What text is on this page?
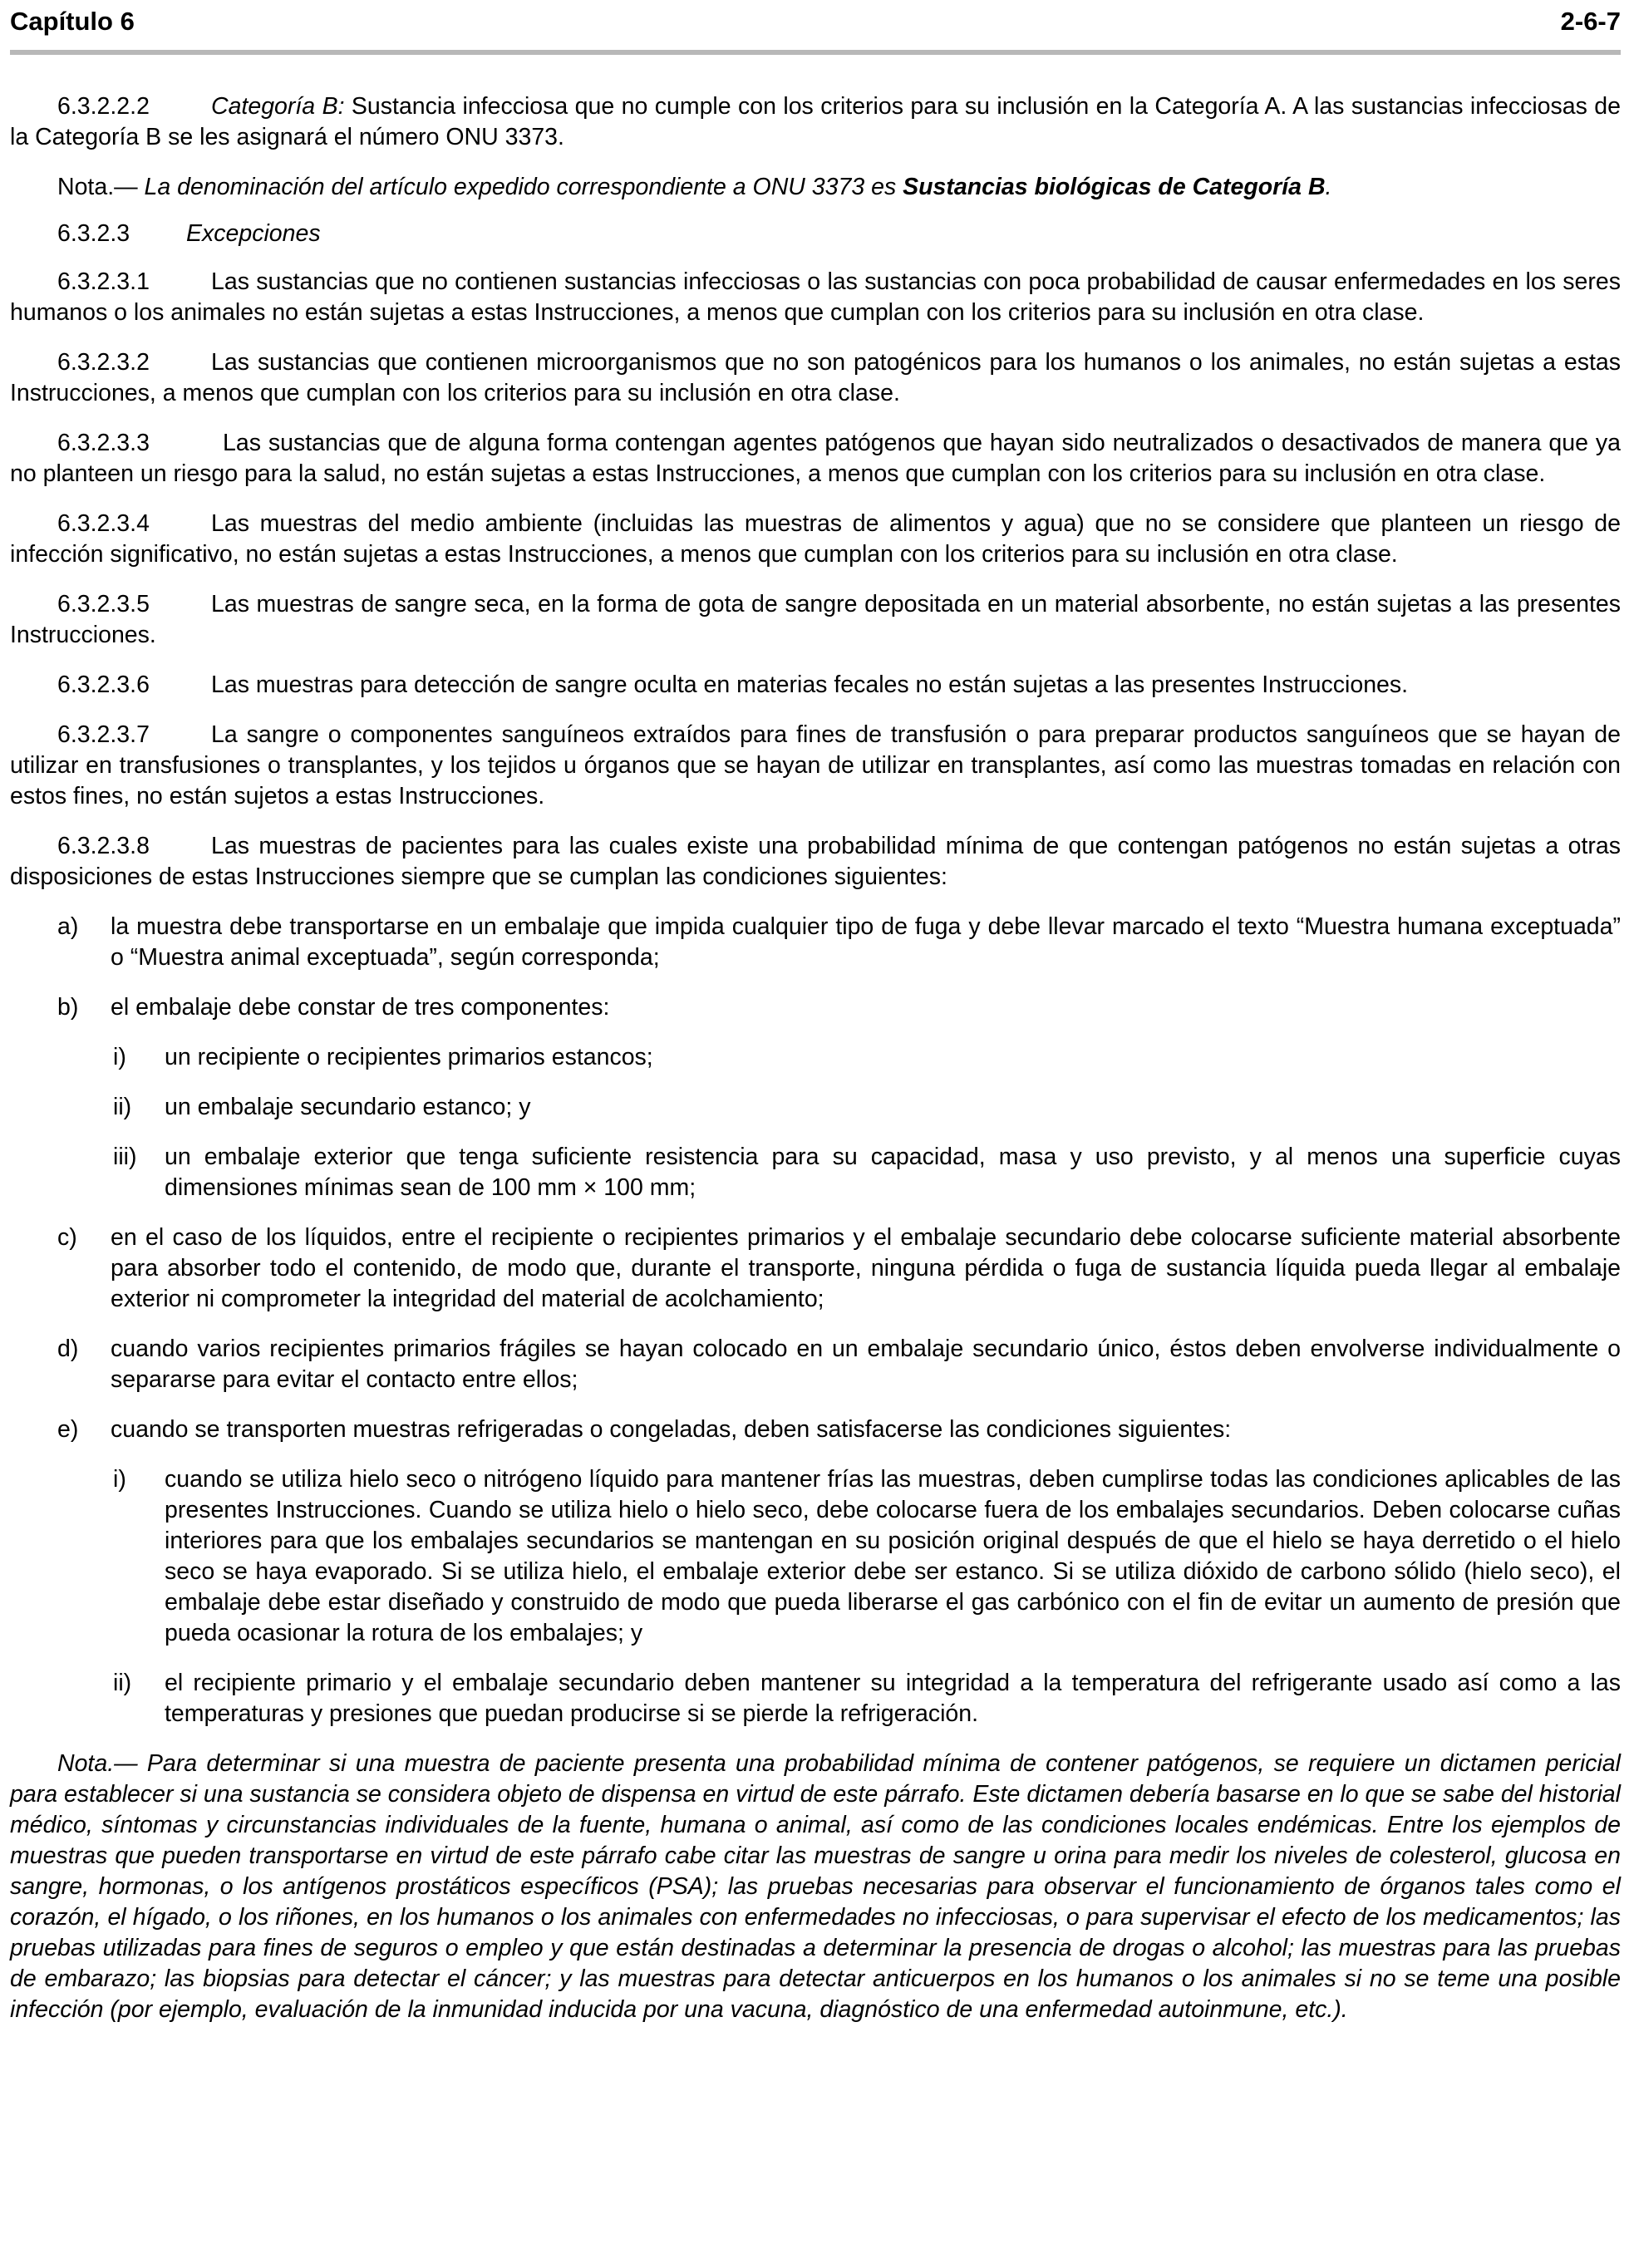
Capítulo 6	2-6-7

6.3.2.2.2	Categoría B: Sustancia infecciosa que no cumple con los criterios para su inclusión en la Categoría A. A las sustancias infecciosas de la Categoría B se les asignará el número ONU 3373.

Nota.— La denominación del artículo expedido correspondiente a ONU 3373 es Sustancias biológicas de Categoría B.

6.3.2.3 Excepciones

6.3.2.3.1	Las sustancias que no contienen sustancias infecciosas o las sustancias con poca probabilidad de causar enfermedades en los seres humanos o los animales no están sujetas a estas Instrucciones, a menos que cumplan con los criterios para su inclusión en otra clase.

6.3.2.3.2	Las sustancias que contienen microorganismos que no son patogénicos para los humanos o los animales, no están sujetas a estas Instrucciones, a menos que cumplan con los criterios para su inclusión en otra clase.

6.3.2.3.3	Las sustancias que de alguna forma contengan agentes patógenos que hayan sido neutralizados o desactivados de manera que ya no planteen un riesgo para la salud, no están sujetas a estas Instrucciones, a menos que cumplan con los criterios para su inclusión en otra clase.

6.3.2.3.4	Las muestras del medio ambiente (incluidas las muestras de alimentos y agua) que no se considere que planteen un riesgo de infección significativo, no están sujetas a estas Instrucciones, a menos que cumplan con los criterios para su inclusión en otra clase.

6.3.2.3.5	Las muestras de sangre seca, en la forma de gota de sangre depositada en un material absorbente, no están sujetas a las presentes Instrucciones.

6.3.2.3.6	Las muestras para detección de sangre oculta en materias fecales no están sujetas a las presentes Instrucciones.

6.3.2.3.7	La sangre o componentes sanguíneos extraídos para fines de transfusión o para preparar productos sanguíneos que se hayan de utilizar en transfusiones o transplantes, y los tejidos u órganos que se hayan de utilizar en transplantes, así como las muestras tomadas en relación con estos fines, no están sujetos a estas Instrucciones.

6.3.2.3.8	Las muestras de pacientes para las cuales existe una probabilidad mínima de que contengan patógenos no están sujetas a otras disposiciones de estas Instrucciones siempre que se cumplan las condiciones siguientes:

a)	la muestra debe transportarse en un embalaje que impida cualquier tipo de fuga y debe llevar marcado el texto “Muestra humana exceptuada” o “Muestra animal exceptuada”, según corresponda;
b)	el embalaje debe constar de tres componentes:
i)	un recipiente o recipientes primarios estancos;
ii)	un embalaje secundario estanco; y
iii)	un embalaje exterior que tenga suficiente resistencia para su capacidad, masa y uso previsto, y al menos una superficie cuyas dimensiones mínimas sean de 100 mm × 100 mm;
c)	en el caso de los líquidos, entre el recipiente o recipientes primarios y el embalaje secundario debe colocarse suficiente material absorbente para absorber todo el contenido, de modo que, durante el transporte, ninguna pérdida o fuga de sustancia líquida pueda llegar al embalaje exterior ni comprometer la integridad del material de acolchamiento;
d)	cuando varios recipientes primarios frágiles se hayan colocado en un embalaje secundario único, éstos deben envolverse individualmente o separarse para evitar el contacto entre ellos;
e)	cuando se transporten muestras refrigeradas o congeladas, deben satisfacerse las condiciones siguientes:
i)	cuando se utiliza hielo seco o nitrógeno líquido para mantener frías las muestras, deben cumplirse todas las condiciones aplicables de las presentes Instrucciones. Cuando se utiliza hielo o hielo seco, debe colocarse fuera de los embalajes secundarios. Deben colocarse cuñas interiores para que los embalajes secundarios se mantengan en su posición original después de que el hielo se haya derretido o el hielo seco se haya evaporado. Si se utiliza hielo, el embalaje exterior debe ser estanco. Si se utiliza dióxido de carbono sólido (hielo seco), el embalaje debe estar diseñado y construido de modo que pueda liberarse el gas carbónico con el fin de evitar un aumento de presión que pueda ocasionar la rotura de los embalajes; y
ii)	el recipiente primario y el embalaje secundario deben mantener su integridad a la temperatura del refrigerante usado así como a las temperaturas y presiones que puedan producirse si se pierde la refrigeración.

Nota.— Para determinar si una muestra de paciente presenta una probabilidad mínima de contener patógenos, se requiere un dictamen pericial para establecer si una sustancia se considera objeto de dispensa en virtud de este párrafo. Este dictamen debería basarse en lo que se sabe del historial médico, síntomas y circunstancias individuales de la fuente, humana o animal, así como de las condiciones locales endémicas. Entre los ejemplos de muestras que pueden transportarse en virtud de este párrafo cabe citar las muestras de sangre u orina para medir los niveles de colesterol, glucosa en sangre, hormonas, o los antígenos prostáticos específicos (PSA); las pruebas necesarias para observar el funcionamiento de órganos tales como el corazón, el hígado, o los riñones, en los humanos o los animales con enfermedades no infecciosas, o para supervisar el efecto de los medicamentos; las pruebas utilizadas para fines de seguros o empleo y que están destinadas a determinar la presencia de drogas o alcohol; las muestras para las pruebas de embarazo; las biopsias para detectar el cáncer; y las muestras para detectar anticuerpos en los humanos o los animales si no se teme una posible infección (por ejemplo, evaluación de la inmunidad inducida por una vacuna, diagnóstico de una enfermedad autoinmune, etc.).
